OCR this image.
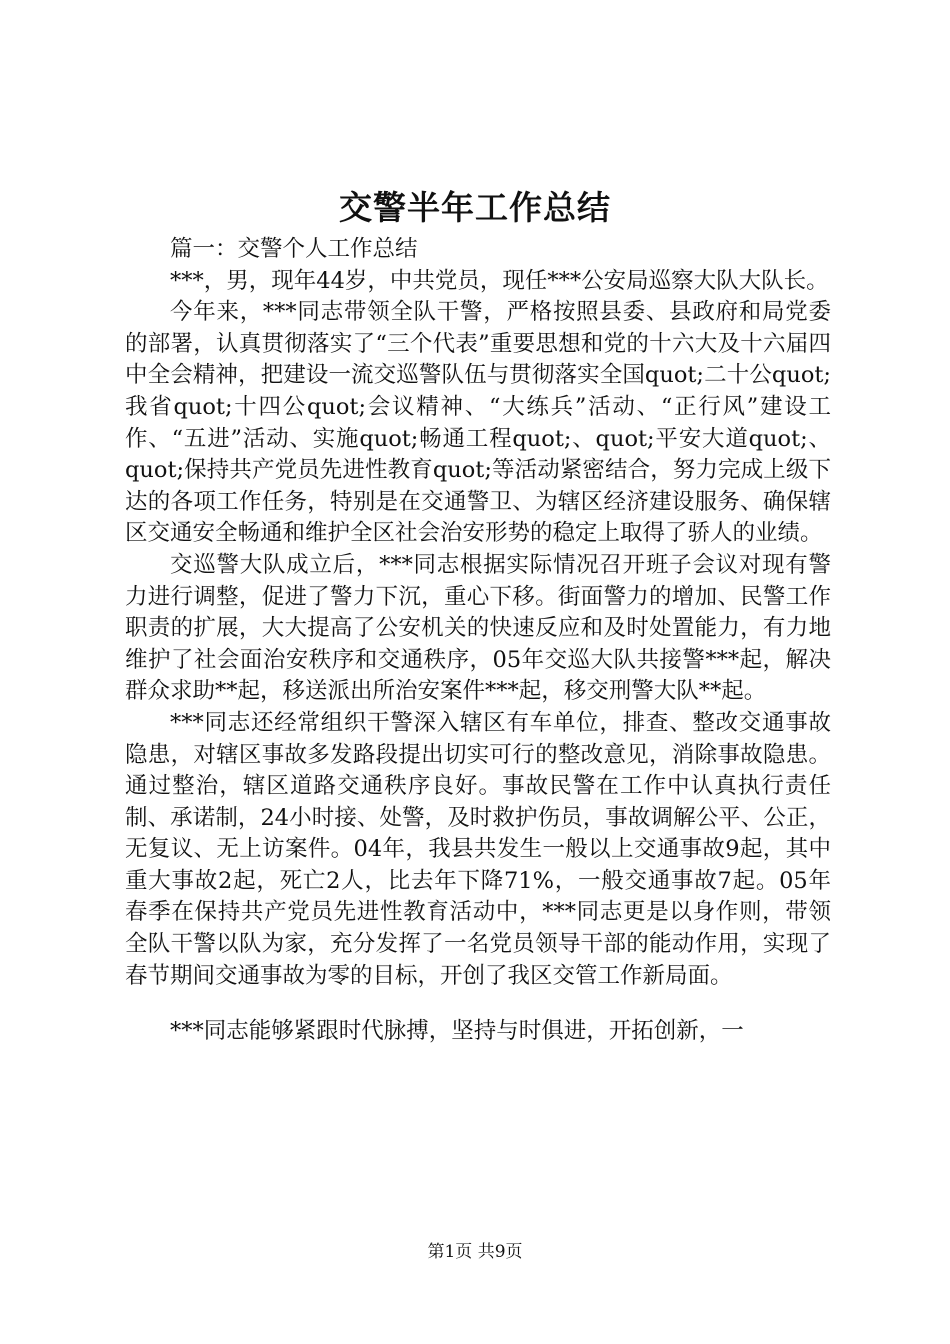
交警半年工作总结

篇一：交警个人工作总结

***，男，现年44岁，中共党员，现任***公安局巡察大队大队长。

今年来，***同志带领全队干警，严格按照县委、县政府和局党委的部署，认真贯彻落实了“三个代表”重要思想和党的十六大及十六届四中全会精神，把建设一流交巡警队伍与贯彻落实全国quot;二十公quot;我省quot;十四公quot;会议精神、“大练兵”活动、“正行风”建设工作、“五进”活动、实施quot;畅通工程quot;、quot;平安大道quot;、quot;保持共产党员先进性教育quot;等活动紧密结合，努力完成上级下达的各项工作任务，特别是在交通警卫、为辖区经济建设服务、确保辖区交通安全畅通和维护全区社会治安形势的稳定上取得了骄人的业绩。

交巡警大队成立后，***同志根据实际情况召开班子会议对现有警力进行调整，促进了警力下沉，重心下移。街面警力的增加、民警工作职责的扩展，大大提高了公安机关的快速反应和及时处置能力，有力地维护了社会面治安秩序和交通秩序，05年交巡大队共接警***起，解决群众求助**起，移送派出所治安案件***起，移交刑警大队**起。

***同志还经常组织干警深入辖区有车单位，排查、整改交通事故隐患，对辖区事故多发路段提出切实可行的整改意见，消除事故隐患。通过整治，辖区道路交通秩序良好。事故民警在工作中认真执行责任制、承诺制，24小时接、处警，及时救护伤员，事故调解公平、公正，无复议、无上访案件。04年，我县共发生一般以上交通事故9起，其中重大事故2起，死亡2人，比去年下降71%，一般交通事故7起。05年春季在保持共产党员先进性教育活动中，***同志更是以身作则，带领全队干警以队为家，充分发挥了一名党员领导干部的能动作用，实现了春节期间交通事故为零的目标，开创了我区交管工作新局面。

***同志能够紧跟时代脉搏，坚持与时俱进，开拓创新，一

第1页 共9页
